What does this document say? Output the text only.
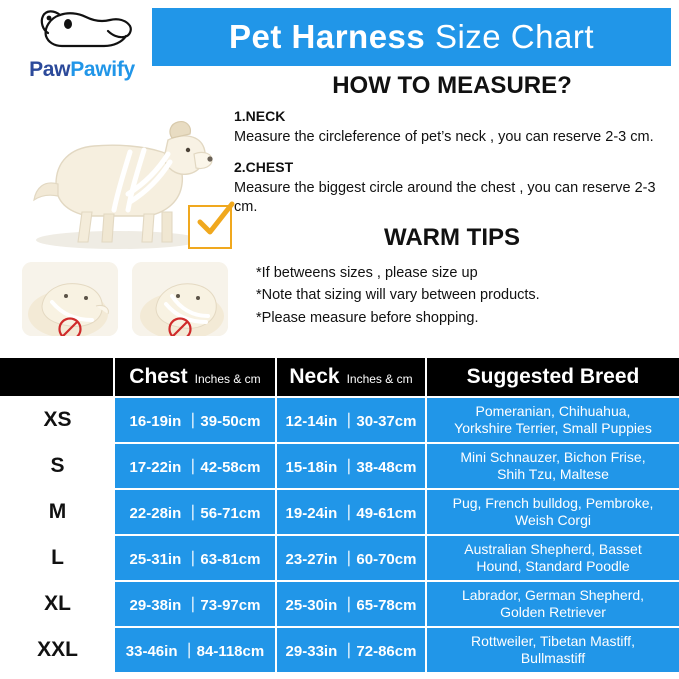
Pet Harness Size Chart
PawPawify
HOW TO MEASURE?

1.NECK

Measure the circleference of pet’s neck , you can reserve 2-3 cm.

2.CHEST

Measure the biggest circle around the chest , you can reserve 2-3 cm.

WARM TIPS
*If betweens sizes , please size up
*Note that sizing will vary between products.
*Please measure before shopping.

	Chest Inches & cm	Neck Inches & cm	Suggested Breed
XS	16-19in ｜39-50cm	12-14in ｜30-37cm	Pomeranian, Chihuahua,
Yorkshire Terrier, Small Puppies
S	17-22in ｜42-58cm	15-18in ｜38-48cm	Mini Schnauzer, Bichon Frise,
Shih Tzu, Maltese
M	22-28in ｜56-71cm	19-24in ｜49-61cm	Pug, French bulldog, Pembroke,
Weish Corgi
L	25-31in ｜63-81cm	23-27in ｜60-70cm	Australian Shepherd, Basset
Hound, Standard Poodle
XL	29-38in ｜73-97cm	25-30in ｜65-78cm	Labrador, German Shepherd,
Golden Retriever
XXL	33-46in ｜84-118cm	29-33in ｜72-86cm	Rottweiler, Tibetan Mastiff,
Bullmastiff
